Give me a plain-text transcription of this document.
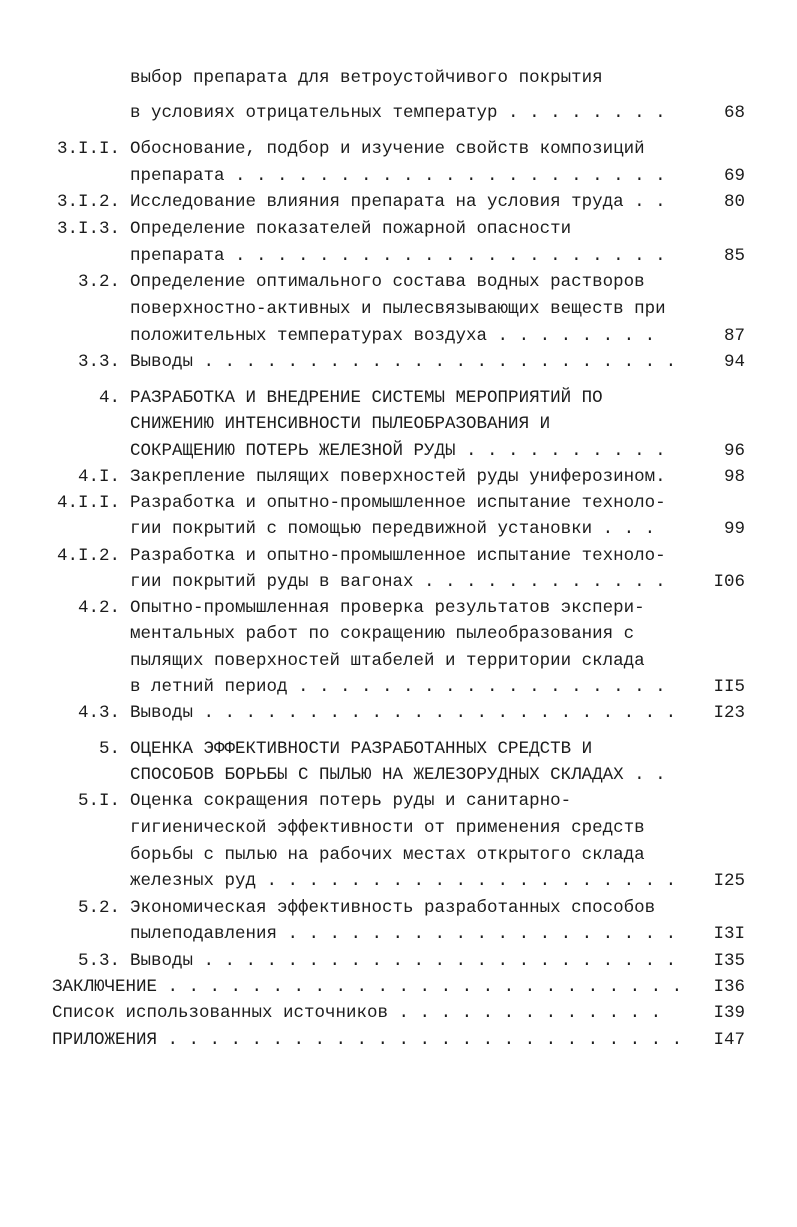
выбор препарата для ветроустойчивого покрытия
в условиях отрицательных температур . . . . . . . .	68
3.I.I. Обоснование, подбор и изучение свойств композиций
препарата . . . . . . . . . . . . . . . . . . . . .	69
3.I.2. Исследование влияния препарата на условия труда . .	80
3.I.3. Определение показателей пожарной опасности
препарата . . . . . . . . . . . . . . . . . . . . .	85
3.2. Определение оптимального состава водных растворов
поверхностно-активных и пылесвязывающих веществ при
положительных температурах воздуха . . . . . . . .	87
3.3. Выводы . . . . . . . . . . . . . . . . . . . . . . .	94
4. РАЗРАБОТКА И ВНЕДРЕНИЕ СИСТЕМЫ МЕРОПРИЯТИЙ ПО
СНИЖЕНИЮ ИНТЕНСИВНОСТИ ПЫЛЕОБРАЗОВАНИЯ И
СОКРАЩЕНИЮ ПОТЕРЬ ЖЕЛЕЗНОЙ РУДЫ . . . . . . . . . .	96
4.I. Закрепление пылящих поверхностей руды униферозином.	98
4.I.I. Разработка и опытно-промышленное испытание техноло-
гии покрытий с помощью передвижной установки . . .	99
4.I.2. Разработка и опытно-промышленное испытание техноло-
гии покрытий руды в вагонах . . . . . . . . . . . .	I06
4.2. Опытно-промышленная проверка результатов экспери-
ментальных работ по сокращению пылеобразования с
пылящих поверхностей штабелей и территории склада
в летний период . . . . . . . . . . . . . . . . . .	II5
4.3. Выводы . . . . . . . . . . . . . . . . . . . . . . . I23
5. ОЦЕНКА ЭФФЕКТИВНОСТИ РАЗРАБОТАННЫХ СРЕДСТВ И
СПОСОБОВ БОРЬБЫ С ПЫЛЬЮ НА ЖЕЛЕЗОРУДНЫХ СКЛАДАХ . .
5.I. Оценка сокращения потерь руды и санитарно-
гигиенической эффективности от применения средств
борьбы с пылью на рабочих местах открытого склада
железных руд . . . . . . . . . . . . . . . . . . . . I25
5.2. Экономическая эффективность разработанных способов
пылеподавления . . . . . . . . . . . . . . . . . . . I3I
5.3. Выводы . . . . . . . . . . . . . . . . . . . . . . . I35
ЗАКЛЮЧЕНИЕ . . . . . . . . . . . . . . . . . . . . . . . . . I36
Список использованных источников . . . . . . . . . . . . .	I39
ПРИЛОЖЕНИЯ . . . . . . . . . . . . . . . . . . . . . . . . . I47
